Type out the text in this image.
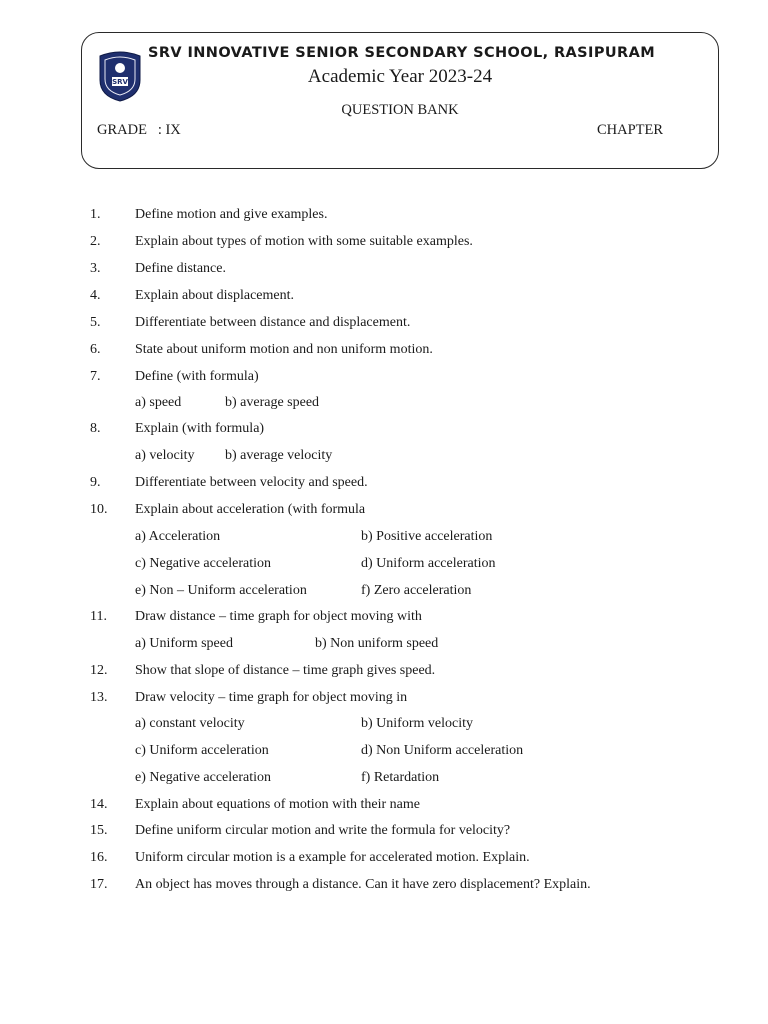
SRV
SRV INNOVATIVE SENIOR SECONDARY SCHOOL, RASIPURAM
Academic Year 2023-24
QUESTION BANK
GRADE   : IX	CHAPTER
1. Define motion and give examples.
2. Explain about types of motion with some suitable examples.
3. Define distance.
4. Explain about displacement.
5. Differentiate between distance and displacement.
6. State about uniform motion and non uniform motion.
7. Define (with formula)
a) speed	b) average speed
8. Explain (with formula)
a) velocity b) average velocity
9. Differentiate between velocity and speed.
10. Explain about acceleration (with formula
a) Acceleration	b) Positive acceleration
c) Negative acceleration	d) Uniform acceleration
e) Non – Uniform acceleration	f) Zero acceleration
11. Draw distance – time graph for object moving with
a) Uniform speed	b) Non uniform speed
12. Show that slope of distance – time graph gives speed.
13. Draw velocity – time graph for object moving in
a) constant velocity	b) Uniform velocity
c) Uniform acceleration	d) Non Uniform acceleration
e) Negative acceleration	f) Retardation
14. Explain about equations of motion with their name
15. Define uniform circular motion and write the formula for velocity?
16. Uniform circular motion is a example for accelerated motion. Explain.
17. An object has moves through a distance. Can it have zero displacement? Explain.
